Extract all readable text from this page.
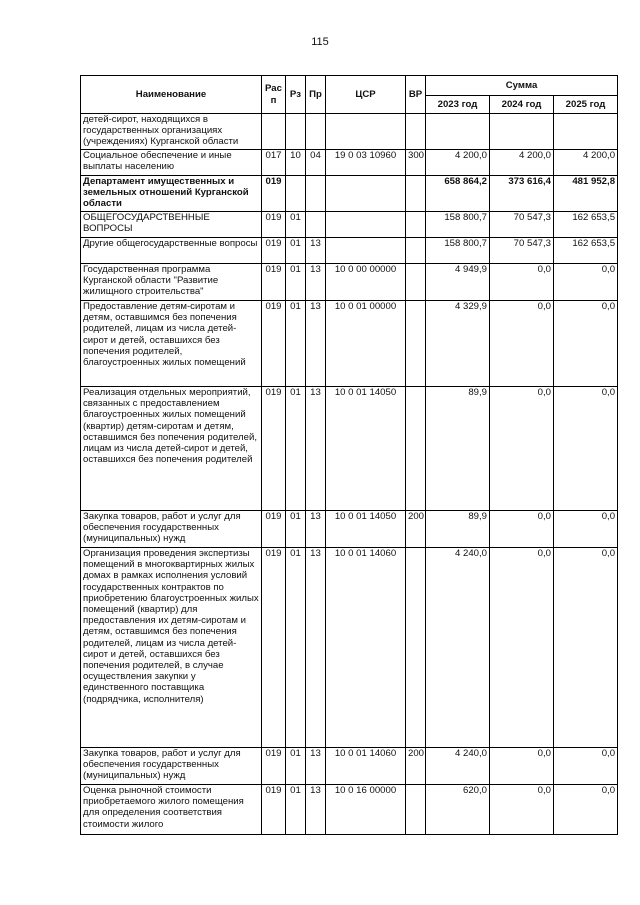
115
Наименование	Рас п	Рз	Пр	ЦСР	ВР	Сумма		
						2023 год	2024 год	2025 год
детей-сирот, находящихся в государственных организациях (учреждениях) Курганской области								
Социальное обеспечение и иные выплаты населению	017	10	04	19 0 03 10960	300	4 200,0	4 200,0	4 200,0
Департамент имущественных и земельных отношений Курганской области	019					658 864,2	373 616,4	481 952,8
ОБЩЕГОСУДАРСТВЕННЫЕ ВОПРОСЫ	019	01				158 800,7	70 547,3	162 653,5
Другие общегосударственные вопросы	019	01	13			158 800,7	70 547,3	162 653,5
Государственная программа Курганской области "Развитие жилищного строительства"	019	01	13	10 0 00 00000		4 949,9	0,0	0,0
Предоставление детям-сиротам и детям, оставшимся без попечения родителей, лицам из числа детей-сирот и детей, оставшихся без попечения родителей, благоустроенных жилых помещений	019	01	13	10 0 01 00000		4 329,9	0,0	0,0
Реализация отдельных мероприятий, связанных с предоставлением благоустроенных жилых помещений (квартир) детям-сиротам и детям, оставшимся без попечения родителей, лицам из числа детей-сирот и детей, оставшихся без попечения родителей	019	01	13	10 0 01 14050		89,9	0,0	0,0
Закупка товаров, работ и услуг для обеспечения государственных (муниципальных) нужд	019	01	13	10 0 01 14050	200	89,9	0,0	0,0
Организация проведения экспертизы помещений в многоквартирных жилых домах в рамках исполнения условий государственных контрактов по приобретению благоустроенных жилых помещений (квартир) для предоставления их детям-сиротам и детям, оставшимся без попечения родителей, лицам из числа детей-сирот и детей, оставшихся без попечения родителей, в случае осуществления закупки у единственного поставщика (подрядчика, исполнителя)	019	01	13	10 0 01 14060		4 240,0	0,0	0,0
Закупка товаров, работ и услуг для обеспечения государственных (муниципальных) нужд	019	01	13	10 0 01 14060	200	4 240,0	0,0	0,0
Оценка рыночной стоимости приобретаемого жилого помещения для определения соответствия стоимости жилого	019	01	13	10 0 16 00000		620,0	0,0	0,0
